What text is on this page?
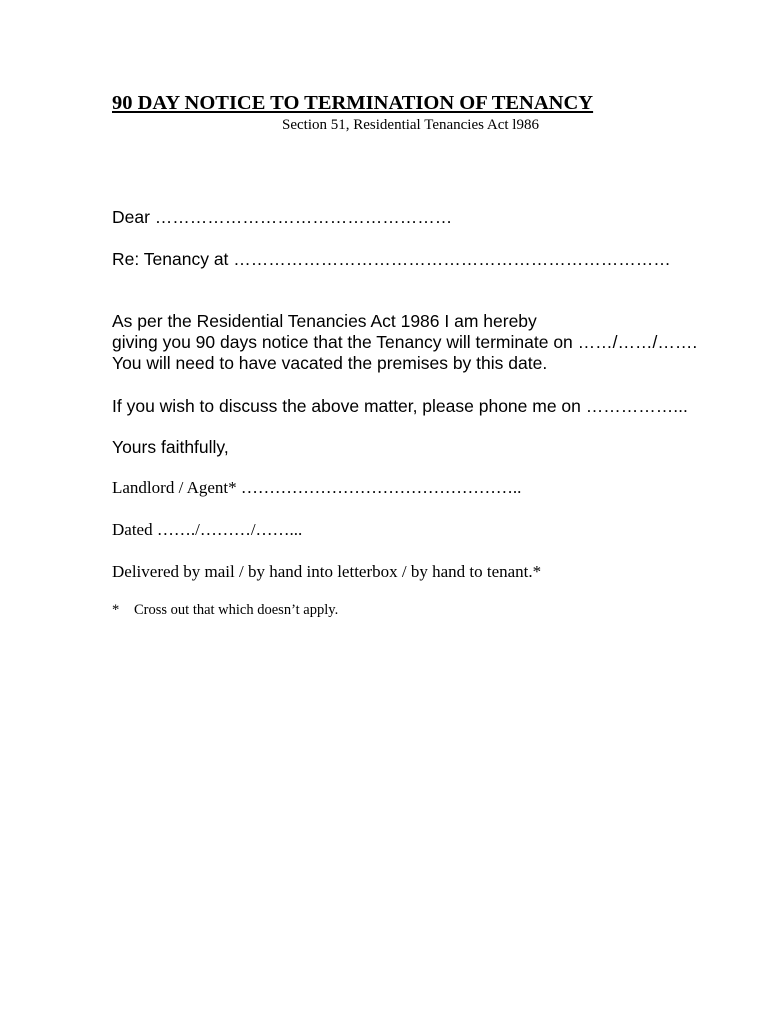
90 DAY NOTICE TO TERMINATION OF TENANCY
Section 51, Residential Tenancies Act l986
Dear ……………………………………………
Re: Tenancy at …………………………………………………………………
As per the Residential Tenancies Act 1986 I am hereby
giving you 90 days notice that the Tenancy will terminate on ……/……/…….
You will need to have vacated the premises by this date.
If you wish to discuss the above matter, please phone me on ……………...
Yours faithfully,
Landlord / Agent* …………………………………………..
Dated ……./………/……...
Delivered by mail / by hand into letterbox / by hand to tenant.*
* Cross out that which doesn’t apply.
